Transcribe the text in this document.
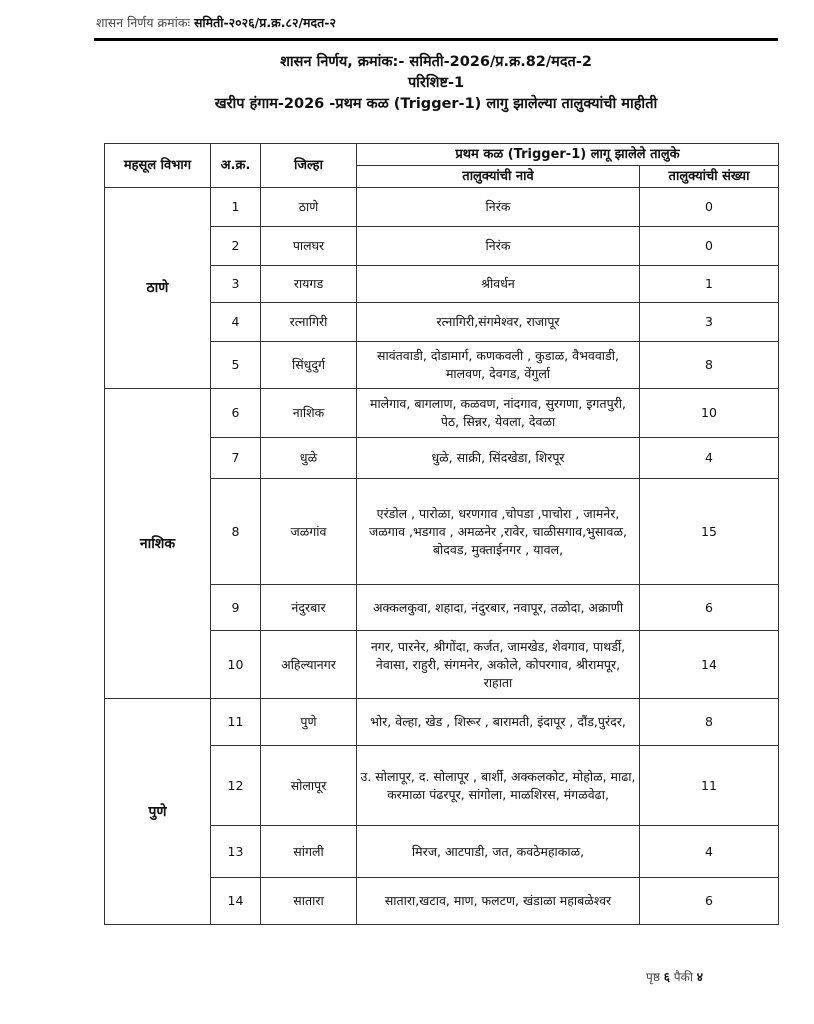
शासन निर्णय क्रमांकः समिती-२०२६/प्र.क्र.८२/मदत-२
शासन निर्णय, क्रमांक:- समिती-2026/प्र.क्र.82/मदत-2
परिशिष्ट-1
खरीप हंगाम-2026 -प्रथम कळ (Trigger-1) लागु झालेल्या तालुक्यांची माहीती
महसूल विभाग	अ.क्र.	जिल्हा	प्रथम कळ (Trigger-1) लागू झालेले तालुके	
			तालुक्यांची नावे	तालुक्यांची संख्या
ठाणे	1	ठाणे	निरंक	0
	2	पालघर	निरंक	0
	3	रायगड	श्रीवर्धन	1
	4	रत्नागिरी	रत्नागिरी,संगमेश्वर, राजापूर	3
	5	सिंधुदुर्ग	सावंतवाडी, दोडामार्ग, कणकवली , कुडाळ, वैभववाडी, मालवण, देवगड, वेंगुर्ला	8
नाशिक	6	नाशिक	मालेगाव, बागलाण, कळवण, नांदगाव, सुरगणा, इगतपुरी, पेठ, सिन्नर, येवला, देवळा	10
	7	धुळे	धुळे, साक्री, सिंदखेडा, शिरपूर	4
	8	जळगांव	एरंडोल , पारोळा, धरणगाव ,चोपडा ,पाचोरा , जामनेर, जळगाव ,भडगाव , अमळनेर ,रावेर, चाळीसगाव,भुसावळ, बोदवड, मुक्ताईनगर , यावल,	15
	9	नंदुरबार	अक्कलकुवा, शहादा, नंदुरबार, नवापूर, तळोदा, अक्राणी	6
	10	अहिल्यानगर	नगर, पारनेर, श्रीगोंदा, कर्जत, जामखेड, शेवगाव, पाथर्डी, नेवासा, राहुरी, संगमनेर, अकोले, कोपरगाव, श्रीरामपूर, राहाता	14
पुणे	11	पुणे	भोर, वेल्हा, खेड , शिरूर , बारामती, इंदापूर , दौंड,पुरंदर,	8
	12	सोलापूर	उ. सोलापूर, द. सोलापूर , बार्शी, अक्कलकोट, मोहोळ, माढा, करमाळा पंढरपूर, सांगोला, माळशिरस, मंगळवेढा,	11
	13	सांगली	मिरज, आटपाडी, जत, कवठेमहाकाळ,	4
	14	सातारा	सातारा,खटाव, माण, फलटण, खंडाळा महाबळेश्वर	6
पृष्ठ ६ पैकी ४
